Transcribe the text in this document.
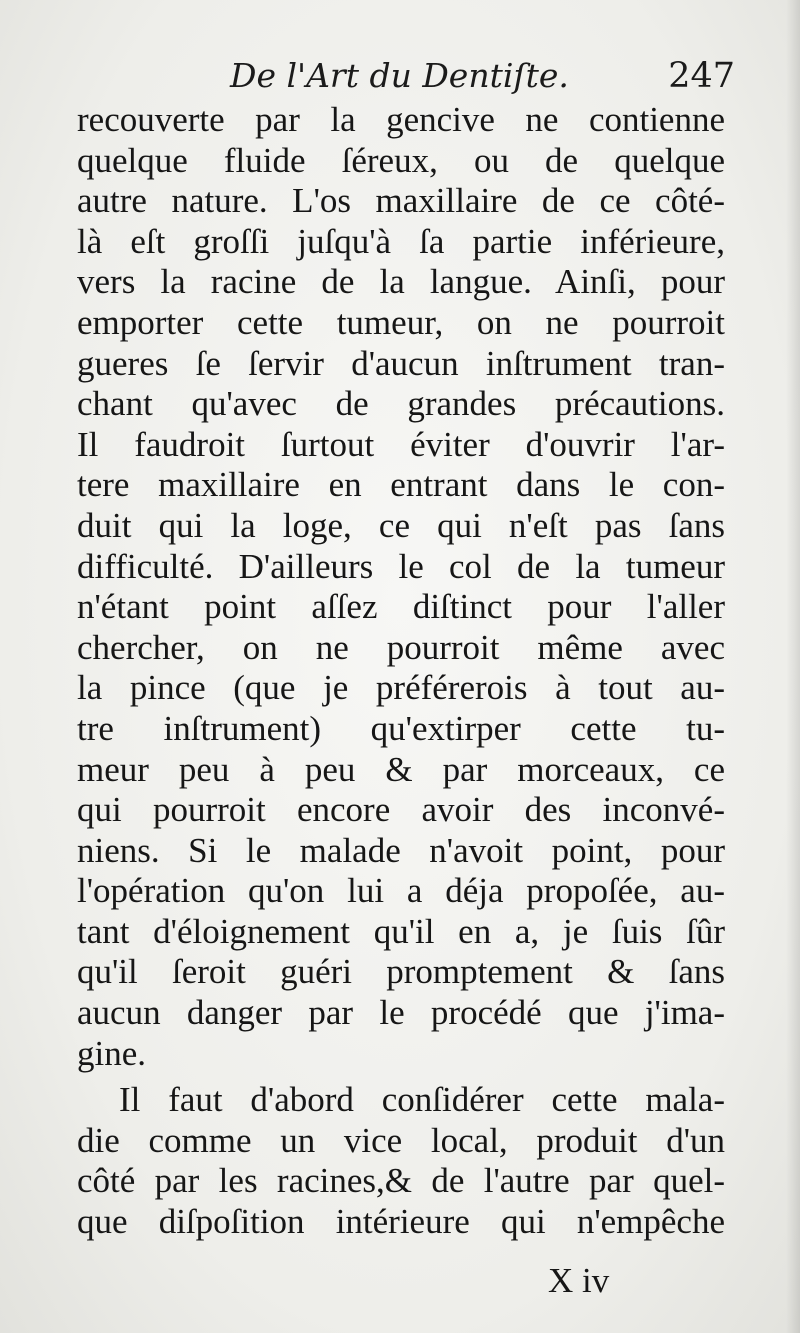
De l'Art du Dentiſte.	247
recouverte par la gencive ne contienne
quelque fluide ſéreux, ou de quelque
autre nature. L'os maxillaire de ce côté-
là eſt groſſi juſqu'à ſa partie inférieure,
vers la racine de la langue. Ainſi, pour
emporter cette tumeur, on ne pourroit
gueres ſe ſervir d'aucun inſtrument tran-
chant qu'avec de grandes précautions.
Il faudroit ſurtout éviter d'ouvrir l'ar-
tere maxillaire en entrant dans le con-
duit qui la loge, ce qui n'eſt pas ſans
difficulté. D'ailleurs le col de la tumeur
n'étant point aſſez diſtinct pour l'aller
chercher, on ne pourroit même avec
la pince (que je préférerois à tout au-
tre inſtrument) qu'extirper cette tu-
meur peu à peu & par morceaux, ce
qui pourroit encore avoir des inconvé-
niens. Si le malade n'avoit point, pour
l'opération qu'on lui a déja propoſée, au-
tant d'éloignement qu'il en a, je ſuis ſûr
qu'il ſeroit guéri promptement & ſans
aucun danger par le procédé que j'ima-
gine.
Il faut d'abord conſidérer cette mala-
die comme un vice local, produit d'un
côté par les racines,& de l'autre par quel-
que diſpoſition intérieure qui n'empêche
X iv
